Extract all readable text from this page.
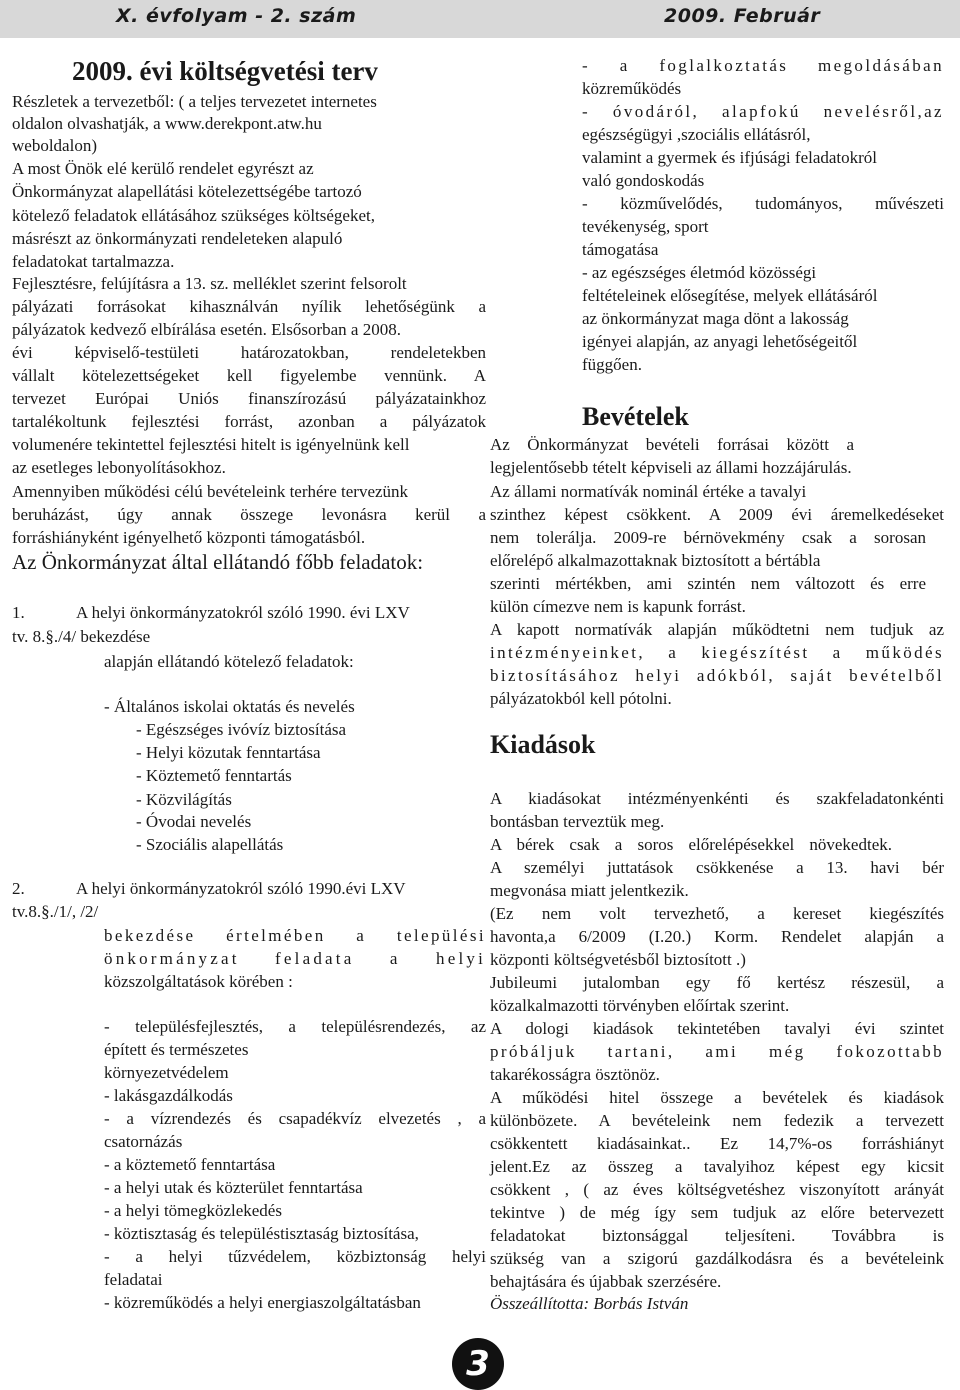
X. évfolyam - 2. szám	2009. Február
2009. évi költségvetési terv
Részletek a tervezetből: ( a teljes tervezetet internetes
oldalon olvashatják, a www.derekpont.atw.hu
weboldalon)
A most Önök elé kerülő rendelet egyrészt az
Önkormányzat alapellátási kötelezettségébe tartozó
kötelező feladatok ellátásához szükséges költségeket,
másrészt az önkormányzati rendeleteken alapuló
feladatokat tartalmazza.
Fejlesztésre, felújításra a 13. sz. melléklet szerint felsorolt
pályázati forrásokat kihasználván nyílik lehetőségünk a
pályázatok kedvező elbírálása esetén. Elsősorban a 2008.
évi képviselő-testületi határozatokban, rendeletekben
vállalt kötelezettségeket kell figyelembe vennünk. A
tervezet Európai Uniós finanszírozású pályázatainkhoz
tartalékoltunk fejlesztési forrást, azonban a pályázatok
volumenére tekintettel fejlesztési hitelt is igényelnünk kell
az esetleges lebonyolításokhoz.
Amennyiben működési célú bevételeink terhére tervezünk
beruházást, úgy annak összege levonásra kerül a
forráshiányként igényelhető központi támogatásból.
Az Önkormányzat által ellátandó főbb feladatok:
1.	A helyi önkormányzatokról szóló 1990. évi LXV
tv. 8.§./4/ bekezdése
alapján ellátandó kötelező feladatok:
- Általános iskolai oktatás és nevelés
- Egészséges ivóvíz biztosítása
- Helyi közutak fenntartása
- Köztemető fenntartás
- Közvilágítás
- Óvodai nevelés
- Szociális alapellátás
2.	A helyi önkormányzatokról szóló 1990.évi LXV
tv.8.§./1/, /2/
bekezdése értelmében a települési
önkormányzat feladata a helyi
közszolgáltatások körében :
- településfejlesztés, a településrendezés, az
épített és természetes
környezetvédelem
- lakásgazdálkodás
- a vízrendezés és csapadékvíz elvezetés , a
csatornázás
- a köztemető fenntartása
- a helyi utak és közterület fenntartása
- a helyi tömegközlekedés
- köztisztaság és településtisztaság biztosítása,
- a helyi tűzvédelem, közbiztonság helyi
feladatai
- közreműködés a helyi energiaszolgáltatásban
- a foglalkoztatás megoldásában
közreműködés
- óvodáról, alapfokú nevelésről,az
egészségügyi ,szociális ellátásról,
valamint a gyermek és ifjúsági feladatokról
való gondoskodás
- közművelődés, tudományos, művészeti
tevékenység, sport
támogatása
- az egészséges életmód közösségi
feltételeinek elősegítése, melyek ellátásáról
az önkormányzat maga dönt a lakosság
igényei alapján, az anyagi lehetőségeitől
függően.
Bevételek
Az Önkormányzat bevételi forrásai között a
legjelentősebb tételt képviseli az állami hozzájárulás.
Az állami normatívák nominál értéke a tavalyi
szinthez képest csökkent. A 2009 évi áremelkedéseket
nem tolerálja. 2009-re bérnövekmény csak a sorosan
előrelépő alkalmazottaknak biztosított a bértábla
szerinti mértékben, ami szintén nem változott és erre
külön címezve nem is kapunk forrást.
A kapott normatívák alapján működtetni nem tudjuk az
intézményeinket, a kiegészítést a működés
biztosításához helyi adókból, saját bevételből
pályázatokból kell pótolni.
Kiadások
A kiadásokat intézményenkénti és szakfeladatonkénti
bontásban terveztük meg.
A bérek csak a soros előrelépésekkel növekedtek.
A személyi juttatások csökkenése a 13. havi bér
megvonása miatt jelentkezik.
(Ez nem volt tervezhető, a kereset kiegészítés
havonta,a 6/2009 (I.20.) Korm. Rendelet alapján a
központi költségvetésből biztosított .)
Jubileumi jutalomban egy fő kertész részesül, a
közalkalmazotti törvényben előírtak szerint.
A dologi kiadások tekintetében tavalyi évi szintet
próbáljuk tartani, ami még fokozottabb
takarékosságra ösztönöz.
A működési hitel összege a bevételek és kiadások
különbözete. A bevételeink nem fedezik a tervezett
csökkentett kiadásainkat.. Ez 14,7%-os forráshiányt
jelent.Ez az összeg a tavalyihoz képest egy kicsit
csökkent , ( az éves költségvetéshez viszonyított arányát
tekintve ) de még így sem tudjuk az előre betervezett
feladatokat biztonsággal teljesíteni. Továbbra is
szükség van a szigorú gazdálkodásra és a bevételeink
behajtására és újabbak szerzésére.
Összeállította: Borbás István
3
